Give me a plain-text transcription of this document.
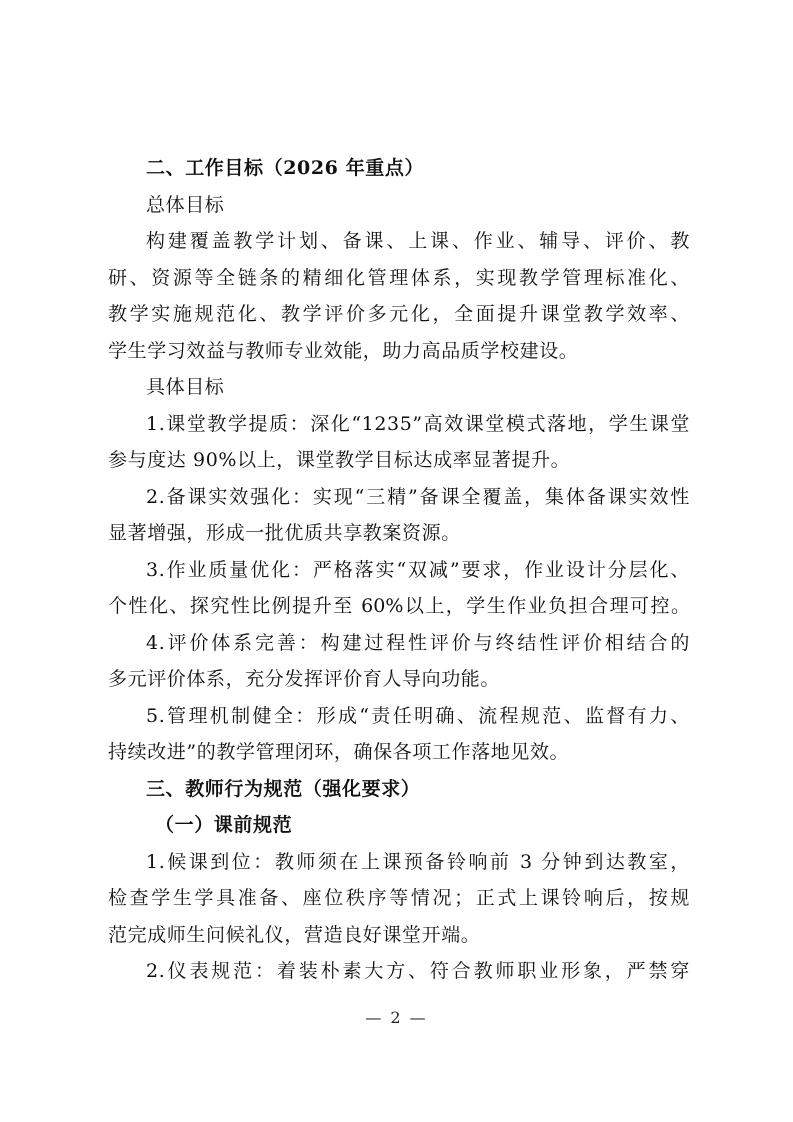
二、工作目标（2026 年重点）
总体目标
构建覆盖教学计划、备课、上课、作业、辅导、评价、教
研、资源等全链条的精细化管理体系，实现教学管理标准化、
教学实施规范化、教学评价多元化，全面提升课堂教学效率、
学生学习效益与教师专业效能，助力高品质学校建设。
具体目标
1.课堂教学提质：深化“1235”高效课堂模式落地，学生课堂
参与度达 90%以上，课堂教学目标达成率显著提升。
2.备课实效强化：实现“三精”备课全覆盖，集体备课实效性
显著增强，形成一批优质共享教案资源。
3.作业质量优化：严格落实“双减”要求，作业设计分层化、
个性化、探究性比例提升至 60%以上，学生作业负担合理可控。
4.评价体系完善：构建过程性评价与终结性评价相结合的
多元评价体系，充分发挥评价育人导向功能。
5.管理机制健全：形成“责任明确、流程规范、监督有力、
持续改进”的教学管理闭环，确保各项工作落地见效。
三、教师行为规范（强化要求）
（一）课前规范
1.候课到位：教师须在上课预备铃响前 3 分钟到达教室，
检查学生学具准备、座位秩序等情况；正式上课铃响后，按规
范完成师生问候礼仪，营造良好课堂开端。
2.仪表规范：着装朴素大方、符合教师职业形象，严禁穿
— 2 —
